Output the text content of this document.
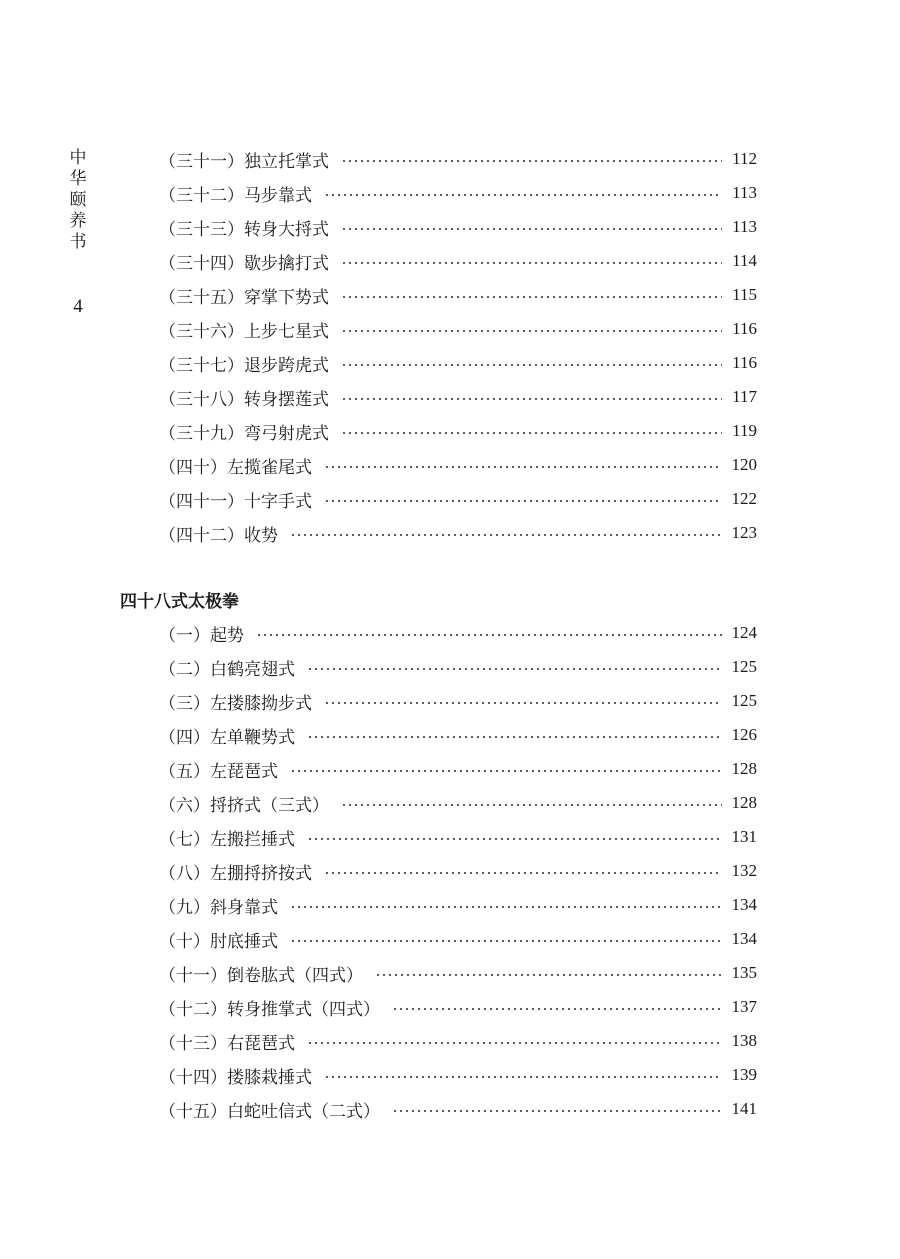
中
华
颐
养
书
4
（三十一）独立托掌式	112
（三十二）马步靠式	113
（三十三）转身大捋式	113
（三十四）歇步擒打式	114
（三十五）穿掌下势式	115
（三十六）上步七星式	116
（三十七）退步跨虎式	116
（三十八）转身摆莲式	117
（三十九）弯弓射虎式	119
（四十）左揽雀尾式	120
（四十一）十字手式	122
（四十二）收势	123
四十八式太极拳
（一）起势	124
（二）白鹤亮翅式	125
（三）左搂膝拗步式	125
（四）左单鞭势式	126
（五）左琵琶式	128
（六）捋挤式（三式）	128
（七）左搬拦捶式	131
（八）左掤捋挤按式	132
（九）斜身靠式	134
（十）肘底捶式	134
（十一）倒卷肱式（四式）	135
（十二）转身推掌式（四式）	137
（十三）右琵琶式	138
（十四）搂膝栽捶式	139
（十五）白蛇吐信式（二式）	141
